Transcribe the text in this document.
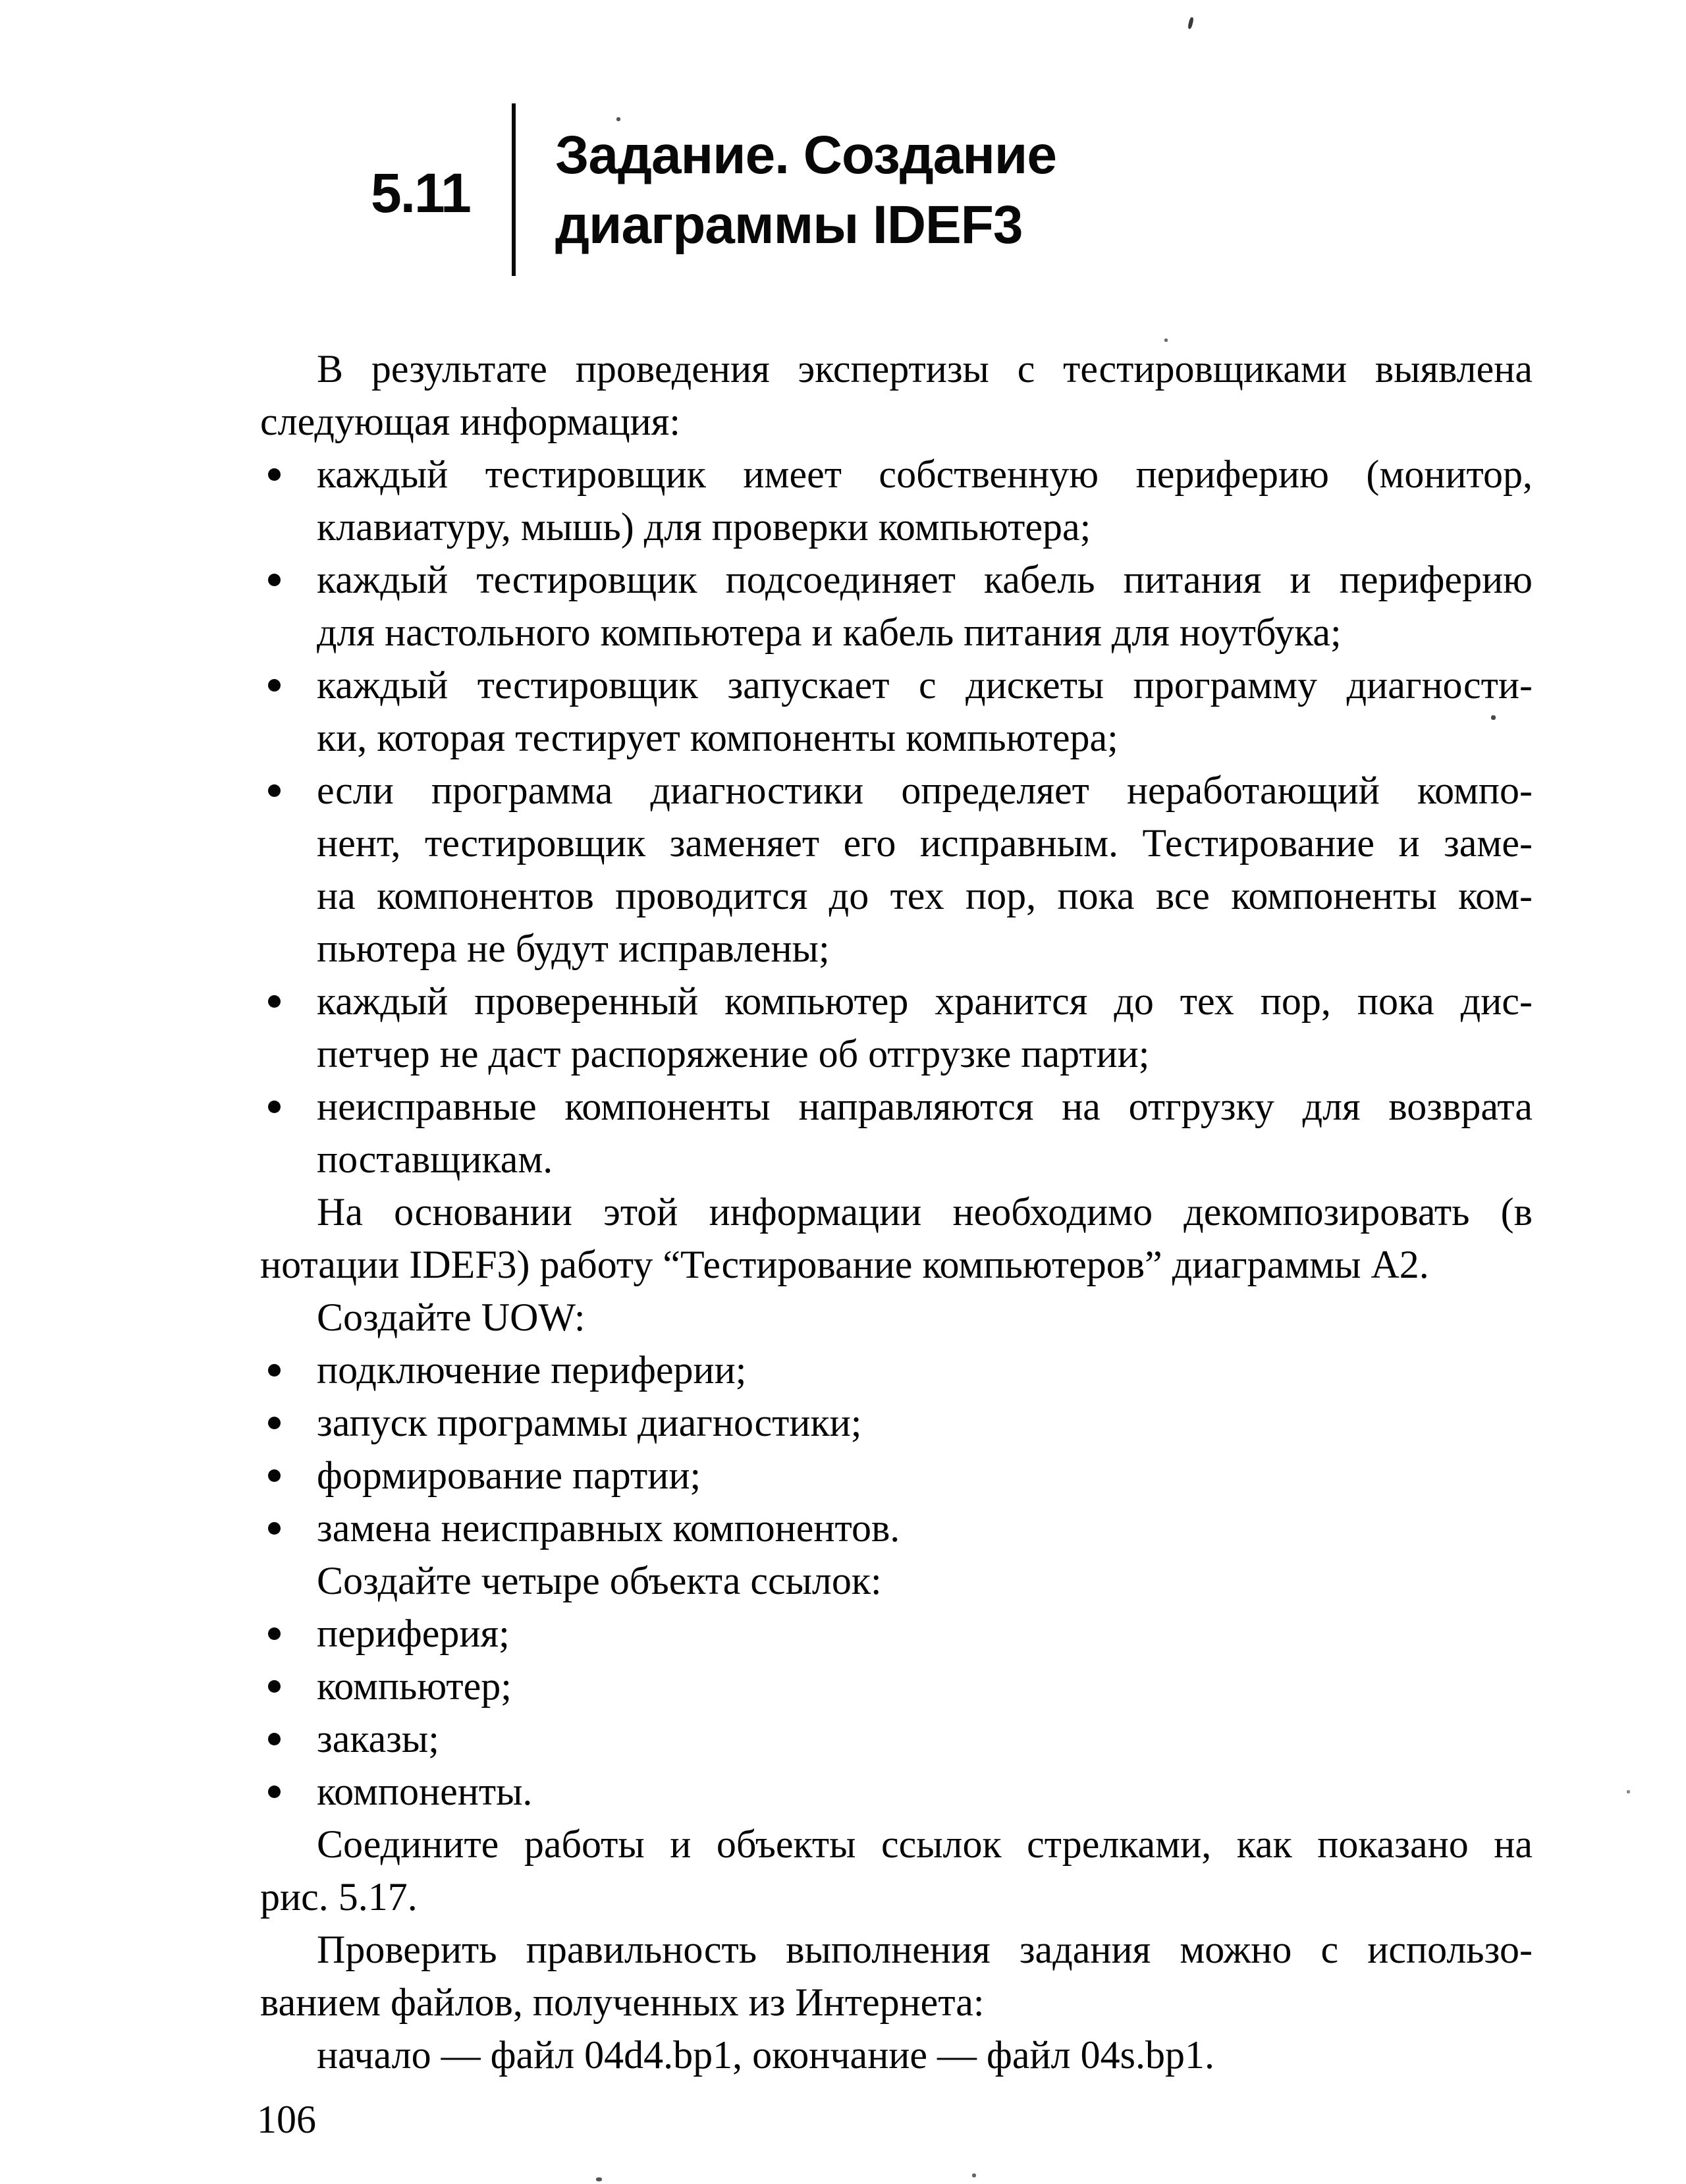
5.11
Задание. Создание
диаграммы IDEF3
В результате проведения экспертизы с тестировщиками выявлена
следующая информация:
каждый тестировщик имеет собственную периферию (монитор,
клавиатуру, мышь) для проверки компьютера;
каждый тестировщик подсоединяет кабель питания и периферию
для настольного компьютера и кабель питания для ноутбука;
каждый тестировщик запускает с дискеты программу диагности-
ки, которая тестирует компоненты компьютера;
если программа диагностики определяет неработающий компо-
нент, тестировщик заменяет его исправным. Тестирование и заме-
на компонентов проводится до тех пор, пока все компоненты ком-
пьютера не будут исправлены;
каждый проверенный компьютер хранится до тех пор, пока дис-
петчер не даст распоряжение об отгрузке партии;
неисправные компоненты направляются на отгрузку для возврата
поставщикам.
На основании этой информации необходимо декомпозировать (в
нотации IDEF3) работу “Тестирование компьютеров” диаграммы А2.
Создайте UOW:
подключение периферии;
запуск программы диагностики;
формирование партии;
замена неисправных компонентов.
Создайте четыре объекта ссылок:
периферия;
компьютер;
заказы;
компоненты.
Соедините работы и объекты ссылок стрелками, как показано на
рис. 5.17.
Проверить правильность выполнения задания можно с использо-
ванием файлов, полученных из Интернета:
начало — файл 04d4.bp1, окончание — файл 04s.bp1.
106
